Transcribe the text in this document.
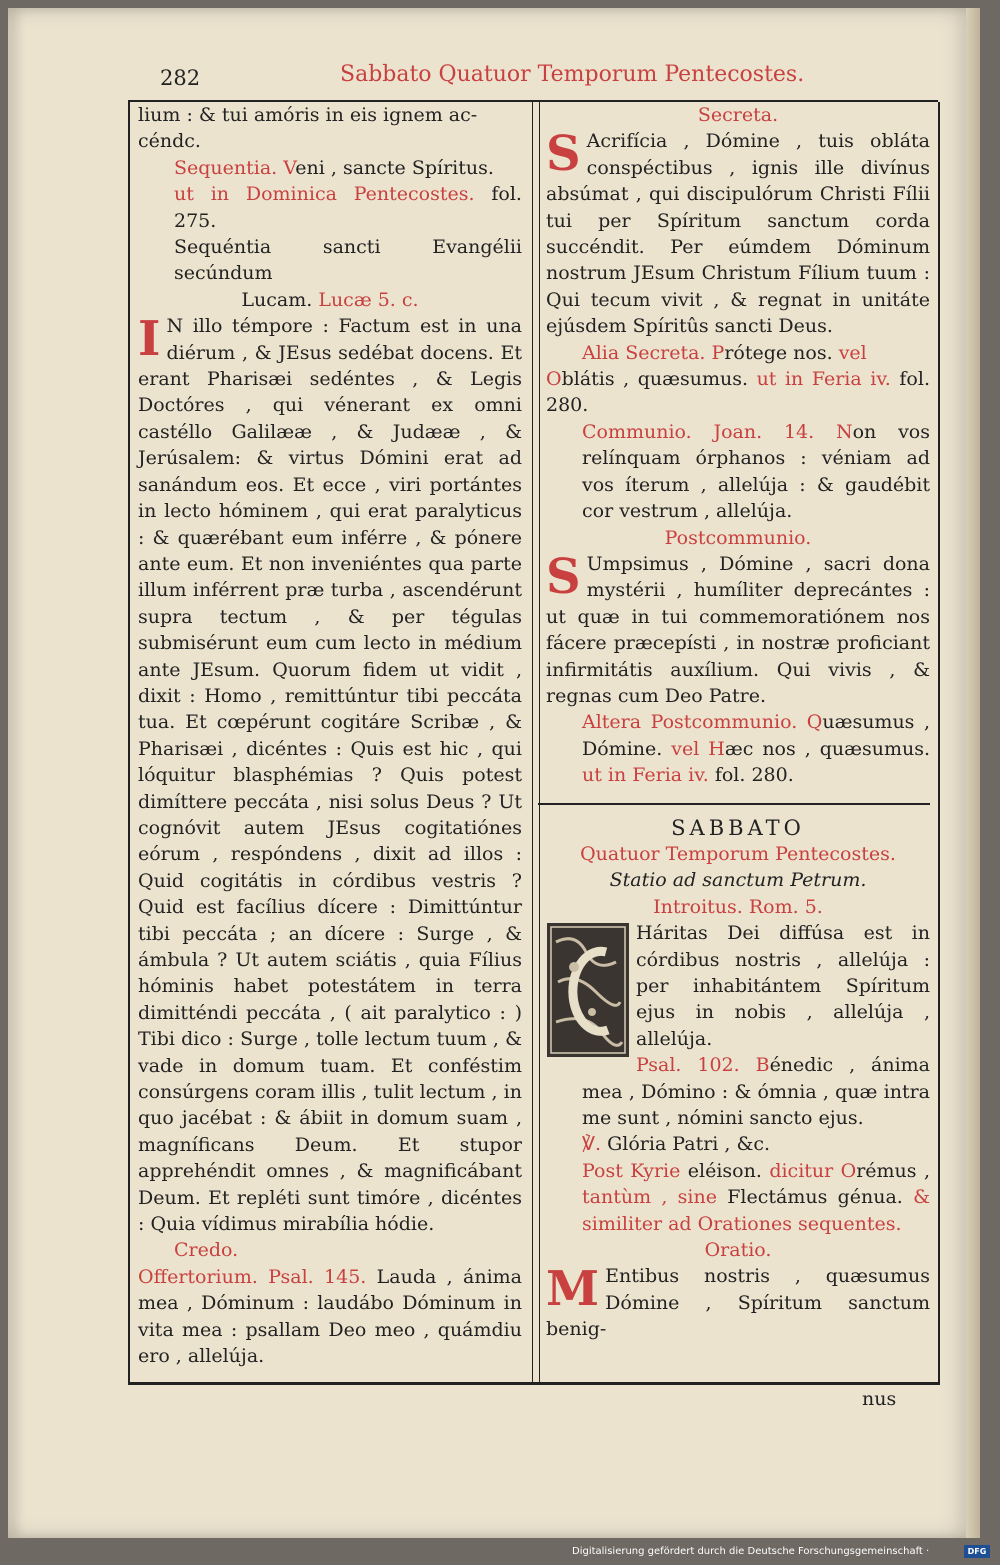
282	Sabbato Quatuor Temporum Pentecostes.

lium : & tui amóris in eis ignem ac-

céndc.

Sequentia. Veni , sancte Spíritus.

ut in Dominica Pentecostes. fol. 275.

Sequéntia sancti Evangélii secúndum

Lucam. Lucæ 5. c.

I N illo témpore : Factum est in una diérum , & JEsus sedébat docens. Et erant Pharisæi sedéntes , & Legis Doctóres , qui vénerant ex omni castéllo Galilææ , & Judææ , & Jerúsalem: & virtus Dómini erat ad sanándum eos. Et ecce , viri portántes in lecto hóminem , qui erat paralyticus : & quærébant eum inférre , & pónere ante eum. Et non inveniéntes qua parte illum inférrent præ turba , ascendérunt supra tectum , & per tégulas submisérunt eum cum lecto in médium ante JEsum. Quorum fidem ut vidit , dixit : Homo , remittúntur tibi peccáta tua. Et cœpérunt cogitáre Scribæ , & Pharisæi , dicéntes : Quis est hic , qui lóquitur blasphémias ? Quis potest dimíttere peccáta , nisi solus Deus ? Ut cognóvit autem JEsus cogitatiónes eórum , respóndens , dixit ad illos : Quid cogitátis in córdibus vestris ? Quid est facílius dícere : Dimittúntur tibi peccáta ; an dícere : Surge , & ámbula ? Ut autem sciátis , quia Fílius hóminis habet potestátem in terra dimitténdi peccáta , ( ait paralytico : ) Tibi dico : Surge , tolle lectum tuum , & vade in domum tuam. Et conféstim consúrgens coram illis , tulit lectum , in quo jacébat : & ábiit in domum suam , magníficans Deum. Et stupor apprehéndit omnes , & magnificábant Deum. Et repléti sunt timóre , dicéntes : Quia vídimus mirabília hódie.

Credo.

Offertorium. Psal. 145. Lauda , ánima mea , Dóminum : laudábo Dóminum in vita mea : psallam Deo meo , quámdiu ero , allelúja.

Secreta.

S Acrifícia , Dómine , tuis obláta conspéctibus , ignis ille divínus absúmat , qui discipulórum Christi Fílii tui per Spíritum sanctum corda succéndit. Per eúmdem Dóminum nostrum JEsum Christum Fílium tuum : Qui tecum vivit , & regnat in unitáte ejúsdem Spíritûs sancti Deus.

Alia Secreta. Prótege nos. vel

Oblátis , quæsumus. ut in Feria iv. fol. 280.

Communio. Joan. 14. Non vos relínquam órphanos : véniam ad vos íterum , allelúja : & gaudébit cor vestrum , allelúja.

Postcommunio.

S Umpsimus , Dómine , sacri dona mystérii , humíliter deprecántes : ut quæ in tui commemoratiónem nos fácere præcepísti , in nostræ proficiant infirmitátis auxílium. Qui vivis , & regnas cum Deo Patre.

Altera Postcommunio. Quæsumus , Dómine. vel Hæc nos , quæsumus. ut in Feria iv. fol. 280.

SABBATO

Quatuor Temporum Pentecostes.

Statio ad sanctum Petrum.

Introitus. Rom. 5.

Háritas Dei diffúsa est in córdibus nostris , allelúja : per inhabitántem Spíritum ejus in nobis , allelúja , allelúja.

Psal. 102. Bénedic , ánima mea , Dómino : & ómnia , quæ intra me sunt , nómini sancto ejus.

℣. Glória Patri , &c.

Post Kyrie eléison. dicitur Orémus , tantùm , sine Flectámus génua. & similiter ad Orationes sequentes.

Oratio.

M Entibus nostris , quæsumus Dómine , Spíritum sanctum benig-

nus
Digitalisierung gefördert durch die Deutsche Forschungsgemeinschaft ·	DFG
